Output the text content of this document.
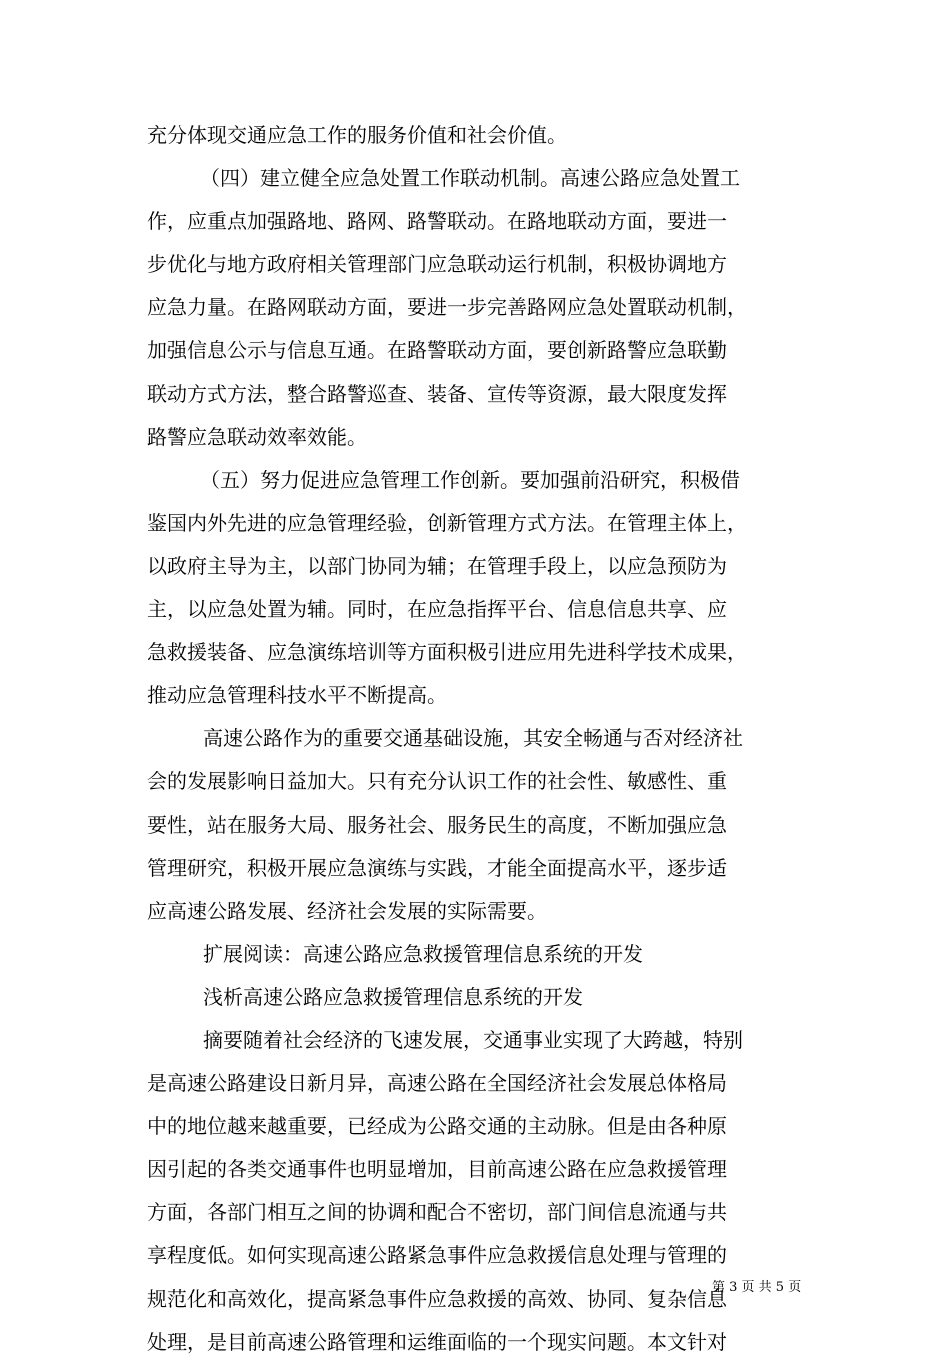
充分体现交通应急工作的服务价值和社会价值。
（四）建立健全应急处置工作联动机制。高速公路应急处置工
作，应重点加强路地、路网、路警联动。在路地联动方面，要进一
步优化与地方政府相关管理部门应急联动运行机制，积极协调地方
应急力量。在路网联动方面，要进一步完善路网应急处置联动机制，
加强信息公示与信息互通。在路警联动方面，要创新路警应急联勤
联动方式方法，整合路警巡查、装备、宣传等资源，最大限度发挥
路警应急联动效率效能。
（五）努力促进应急管理工作创新。要加强前沿研究，积极借
鉴国内外先进的应急管理经验，创新管理方式方法。在管理主体上，
以政府主导为主，以部门协同为辅；在管理手段上，以应急预防为
主，以应急处置为辅。同时，在应急指挥平台、信息信息共享、应
急救援装备、应急演练培训等方面积极引进应用先进科学技术成果，
推动应急管理科技水平不断提高。
高速公路作为的重要交通基础设施，其安全畅通与否对经济社
会的发展影响日益加大。只有充分认识工作的社会性、敏感性、重
要性，站在服务大局、服务社会、服务民生的高度，不断加强应急
管理研究，积极开展应急演练与实践，才能全面提高水平，逐步适
应高速公路发展、经济社会发展的实际需要。
扩展阅读：高速公路应急救援管理信息系统的开发
浅析高速公路应急救援管理信息系统的开发
摘要随着社会经济的飞速发展，交通事业实现了大跨越，特别
是高速公路建设日新月异，高速公路在全国经济社会发展总体格局
中的地位越来越重要，已经成为公路交通的主动脉。但是由各种原
因引起的各类交通事件也明显增加，目前高速公路在应急救援管理
方面，各部门相互之间的协调和配合不密切，部门间信息流通与共
享程度低。如何实现高速公路紧急事件应急救援信息处理与管理的
规范化和高效化，提高紧急事件应急救援的高效、协同、复杂信息
处理，是目前高速公路管理和运维面临的一个现实问题。本文针对
第 3 页 共 5 页
